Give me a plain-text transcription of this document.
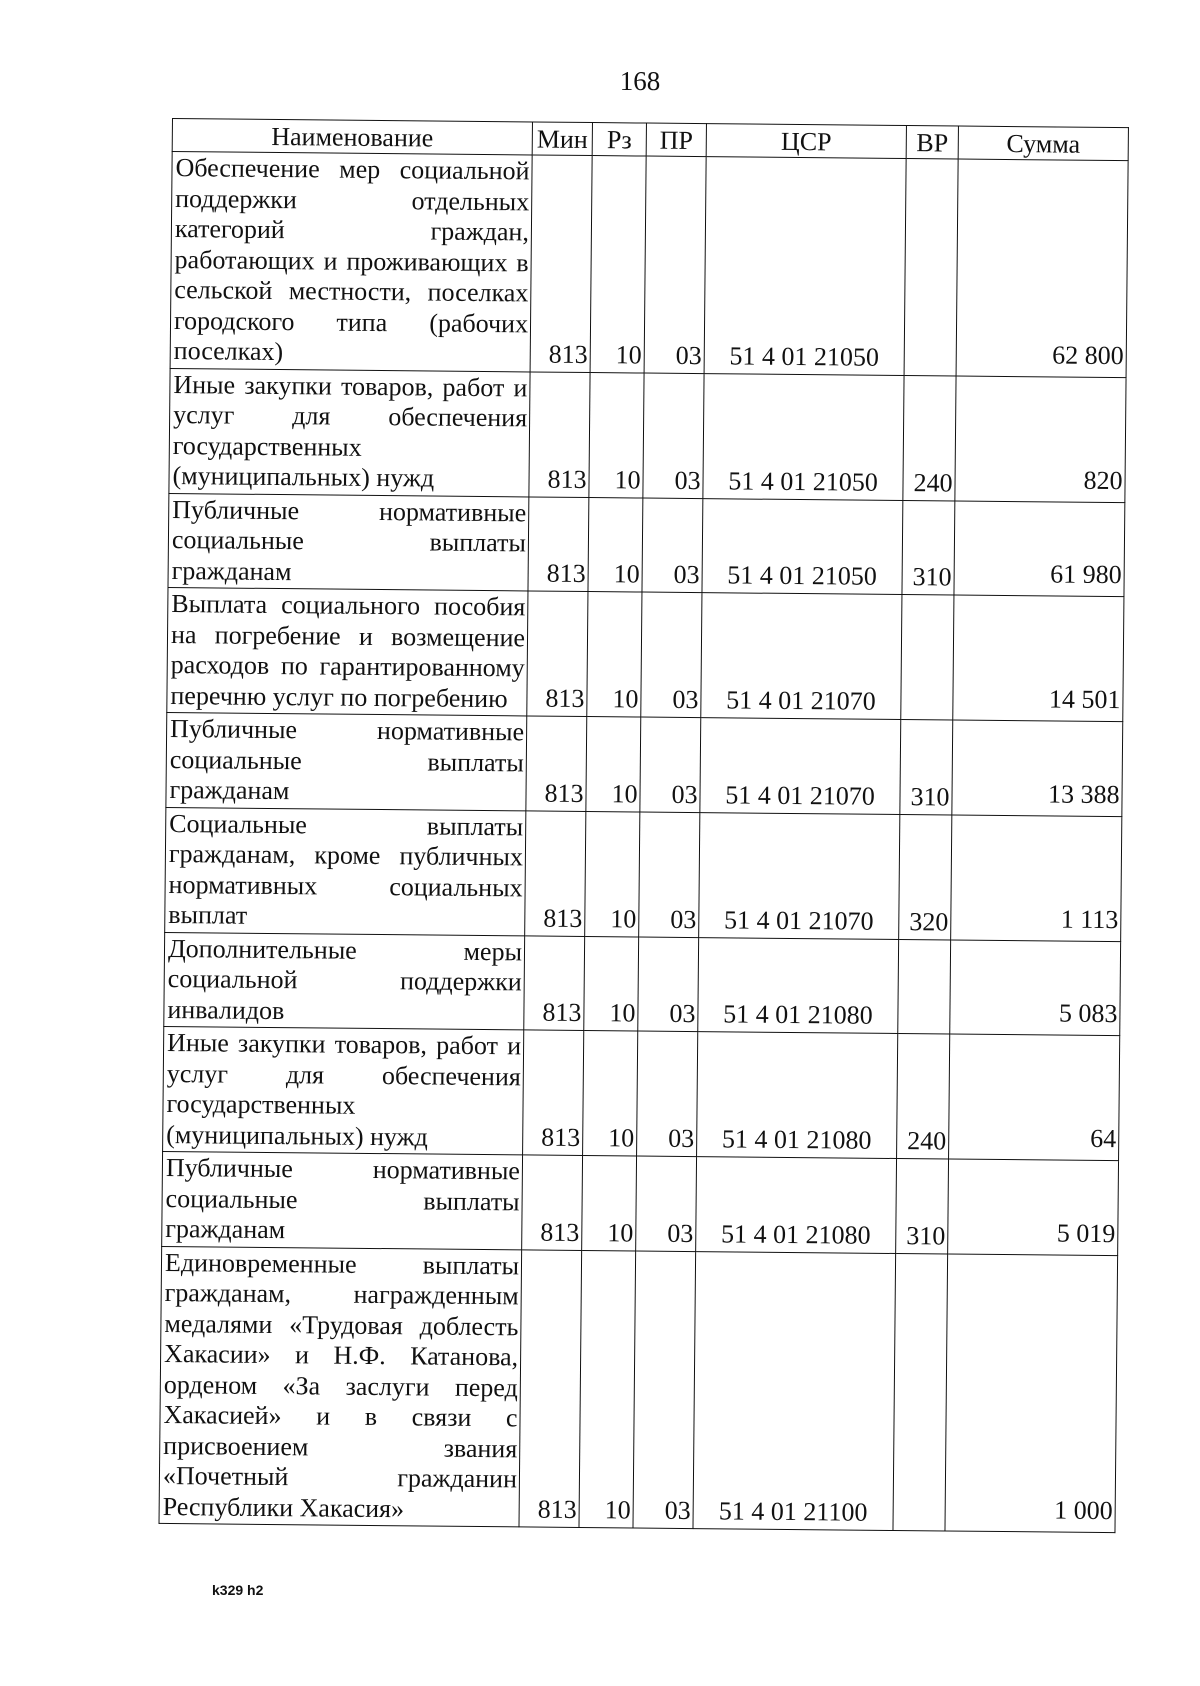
168
Наименование	Мин	Рз	ПР	ЦСР	ВР	Сумма
Обеспечение мер социальной поддержки отдельных категорий граждан, работающих и проживающих в сельской местности, поселках городского типа (рабочих поселках)	813	10	03	51 4 01 21050		62 800
Иные закупки товаров, работ и услуг для обеспечения государственных (муниципальных) нужд	813	10	03	51 4 01 21050	240	820
Публичные нормативные социальные выплаты гражданам	813	10	03	51 4 01 21050	310	61 980
Выплата социального пособия на погребение и возмещение расходов по гарантированному перечню услуг по погребению	813	10	03	51 4 01 21070		14 501
Публичные нормативные социальные выплаты гражданам	813	10	03	51 4 01 21070	310	13 388
Социальные выплаты гражданам, кроме публичных нормативных социальных выплат	813	10	03	51 4 01 21070	320	1 113
Дополнительные меры социальной поддержки инвалидов	813	10	03	51 4 01 21080		5 083
Иные закупки товаров, работ и услуг для обеспечения государственных (муниципальных) нужд	813	10	03	51 4 01 21080	240	64
Публичные нормативные социальные выплаты гражданам	813	10	03	51 4 01 21080	310	5 019
Единовременные выплаты гражданам, награжденным медалями «Трудовая доблесть Хакасии» и Н.Ф. Катанова, орденом «За заслуги перед Хакасией» и в связи с присвоением звания «Почетный гражданин Республики Хакасия»	813	10	03	51 4 01 21100		1 000
k329 h2
